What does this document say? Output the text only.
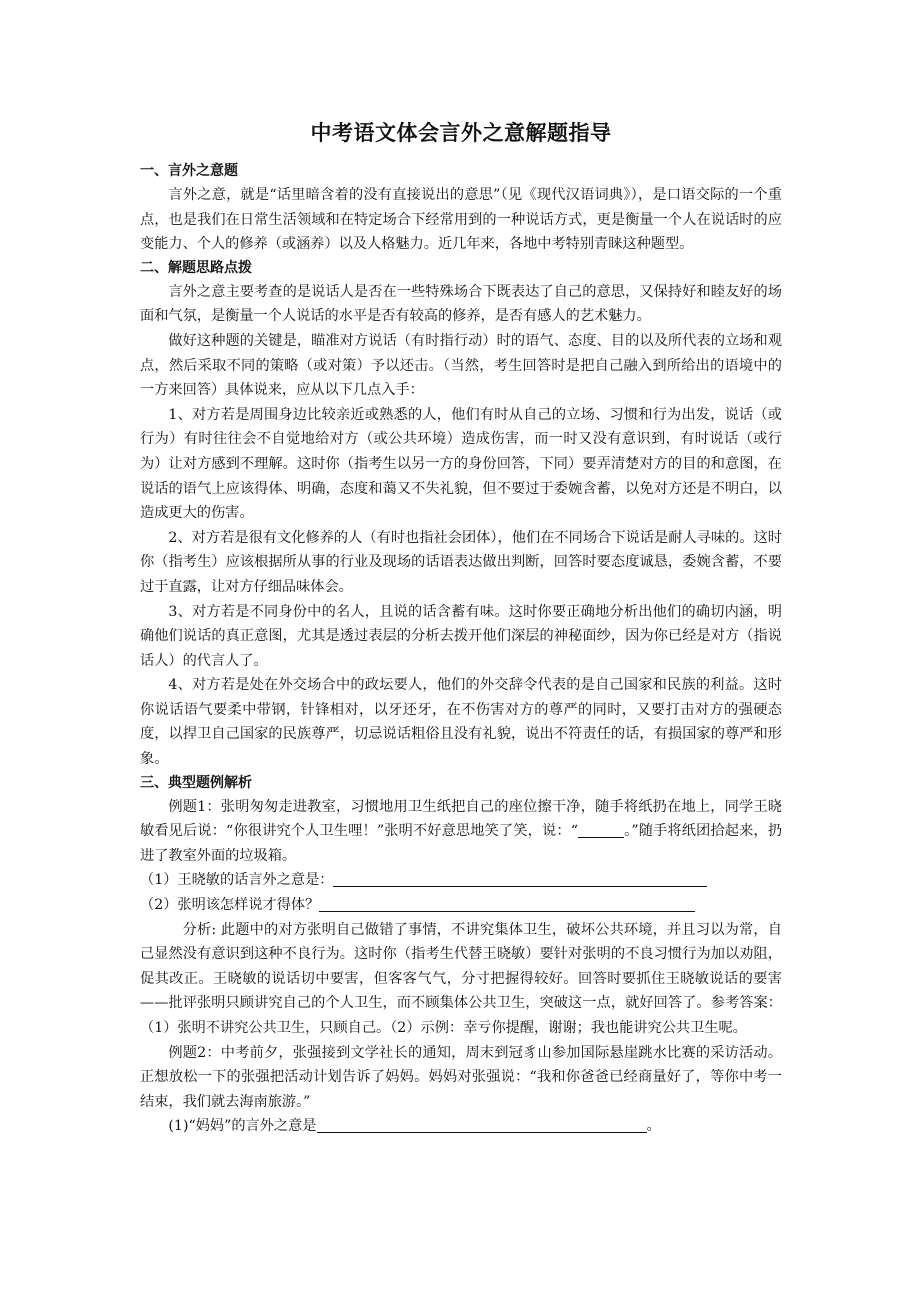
中考语文体会言外之意解题指导
一、言外之意题

言外之意，就是“话里暗含着的没有直接说出的意思”（见《现代汉语词典》），是口语交际的一个重点，也是我们在日常生活领域和在特定场合下经常用到的一种说话方式，更是衡量一个人在说话时的应变能力、个人的修养（或涵养）以及人格魅力。近几年来，各地中考特别青睐这种题型。

二、解题思路点拨

言外之意主要考查的是说话人是否在一些特殊场合下既表达了自己的意思，又保持好和睦友好的场面和气氛，是衡量一个人说话的水平是否有较高的修养，是否有感人的艺术魅力。

做好这种题的关键是，瞄准对方说话（有时指行动）时的语气、态度、目的以及所代表的立场和观点，然后采取不同的策略（或对策）予以还击。（当然，考生回答时是把自己融入到所给出的语境中的一方来回答）具体说来，应从以下几点入手：

1、对方若是周围身边比较亲近或熟悉的人，他们有时从自己的立场、习惯和行为出发，说话（或行为）有时往往会不自觉地给对方（或公共环境）造成伤害，而一时又没有意识到，有时说话（或行为）让对方感到不理解。这时你（指考生以另一方的身份回答，下同）要弄清楚对方的目的和意图，在说话的语气上应该得体、明确，态度和蔼又不失礼貌，但不要过于委婉含蓄，以免对方还是不明白，以造成更大的伤害。

2、对方若是很有文化修养的人（有时也指社会团体），他们在不同场合下说话是耐人寻味的。这时你（指考生）应该根据所从事的行业及现场的话语表达做出判断，回答时要态度诚恳，委婉含蓄，不要过于直露，让对方仔细品味体会。

3、对方若是不同身份中的名人，且说的话含蓄有味。这时你要正确地分析出他们的确切内涵，明确他们说话的真正意图，尤其是透过表层的分析去拨开他们深层的神秘面纱，因为你已经是对方（指说话人）的代言人了。

4、对方若是处在外交场合中的政坛要人，他们的外交辞令代表的是自己国家和民族的利益。这时你说话语气要柔中带钢，针锋相对，以牙还牙，在不伤害对方的尊严的同时，又要打击对方的强硬态度，以捍卫自己国家的民族尊严，切忌说话粗俗且没有礼貌，说出不符责任的话，有损国家的尊严和形象。

三、典型题例解析

例题1：张明匆匆走进教室，习惯地用卫生纸把自己的座位擦干净，随手将纸扔在地上，同学王晓敏看见后说：“你很讲究个人卫生哩！”张明不好意思地笑了笑，说：“	。”随手将纸团拾起来，扔进了教室外面的垃圾箱。

（1）王晓敏的话言外之意是：

（2）张明该怎样说才得体？

分析: 此题中的对方张明自己做错了事情，不讲究集体卫生，破坏公共环境，并且习以为常，自己显然没有意识到这种不良行为。这时你（指考生代替王晓敏）要针对张明的不良习惯行为加以劝阻，促其改正。王晓敏的说话切中要害，但客客气气，分寸把握得较好。回答时要抓住王晓敏说话的要害——批评张明只顾讲究自己的个人卫生，而不顾集体公共卫生，突破这一点，就好回答了。参考答案：（1）张明不讲究公共卫生，只顾自己。（2）示例：幸亏你提醒，谢谢；我也能讲究公共卫生呢。

例题2：中考前夕，张强接到文学社长的通知，周末到冠豸山参加国际悬崖跳水比赛的采访活动。正想放松一下的张强把活动计划告诉了妈妈。妈妈对张强说：“我和你爸爸已经商量好了，等你中考一结束，我们就去海南旅游。”

(1)“妈妈”的言外之意是	。
